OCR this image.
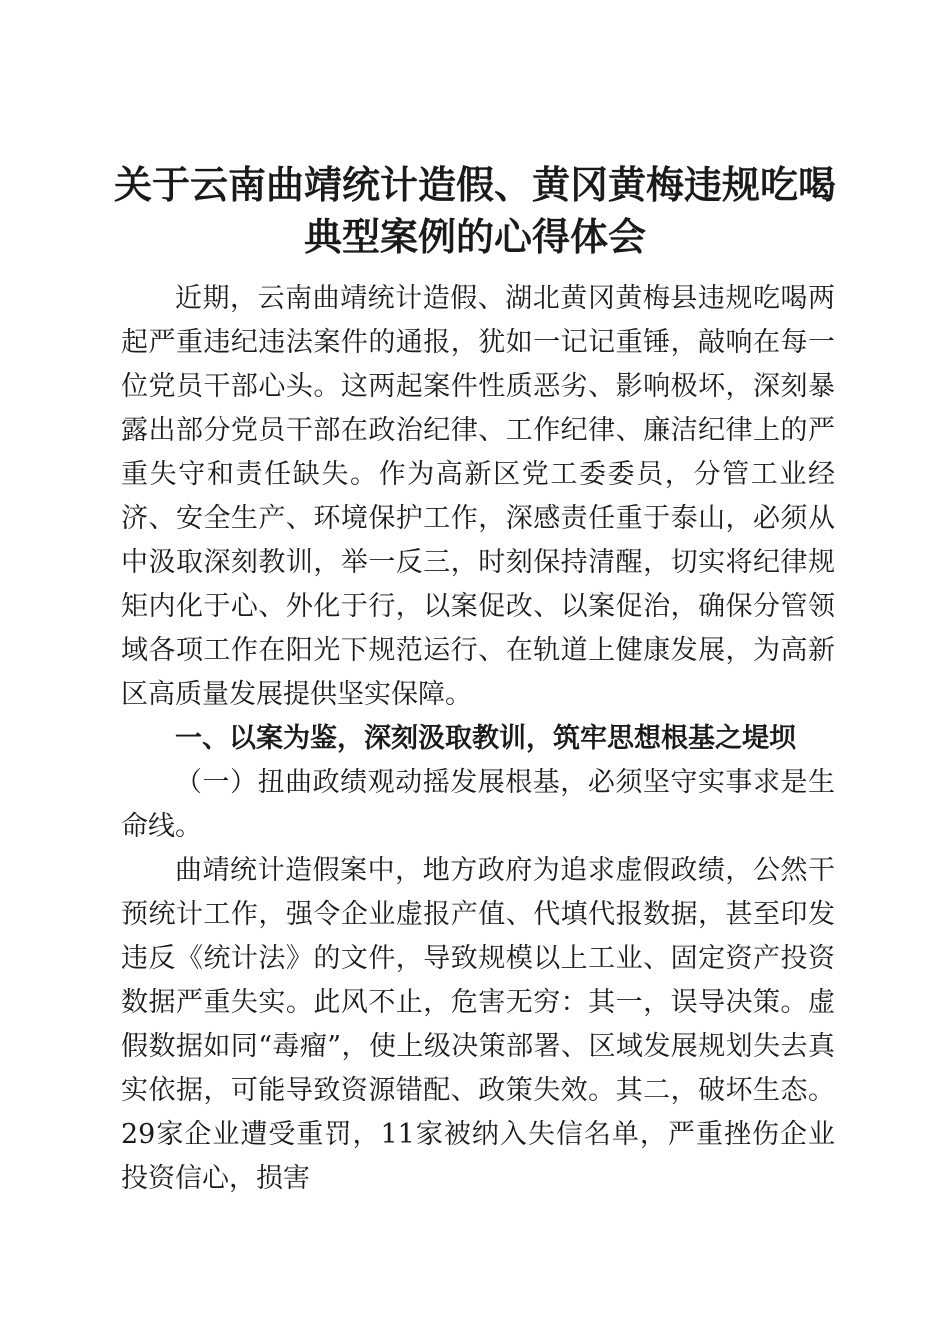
关于云南曲靖统计造假、黄冈黄梅违规吃喝典型案例的心得体会

近期，云南曲靖统计造假、湖北黄冈黄梅县违规吃喝两起严重违纪违法案件的通报，犹如一记记重锤，敲响在每一位党员干部心头。这两起案件性质恶劣、影响极坏，深刻暴露出部分党员干部在政治纪律、工作纪律、廉洁纪律上的严重失守和责任缺失。作为高新区党工委委员，分管工业经济、安全生产、环境保护工作，深感责任重于泰山，必须从中汲取深刻教训，举一反三，时刻保持清醒，切实将纪律规矩内化于心、外化于行，以案促改、以案促治，确保分管领域各项工作在阳光下规范运行、在轨道上健康发展，为高新区高质量发展提供坚实保障。

一、以案为鉴，深刻汲取教训，筑牢思想根基之堤坝

（一）扭曲政绩观动摇发展根基，必须坚守实事求是生命线。

曲靖统计造假案中，地方政府为追求虚假政绩，公然干预统计工作，强令企业虚报产值、代填代报数据，甚至印发违反《统计法》的文件，导致规模以上工业、固定资产投资数据严重失实。此风不止，危害无穷：其一，误导决策。虚假数据如同“毒瘤”，使上级决策部署、区域发展规划失去真实依据，可能导致资源错配、政策失效。其二，破坏生态。29家企业遭受重罚，11家被纳入失信名单，严重挫伤企业投资信心，损害
